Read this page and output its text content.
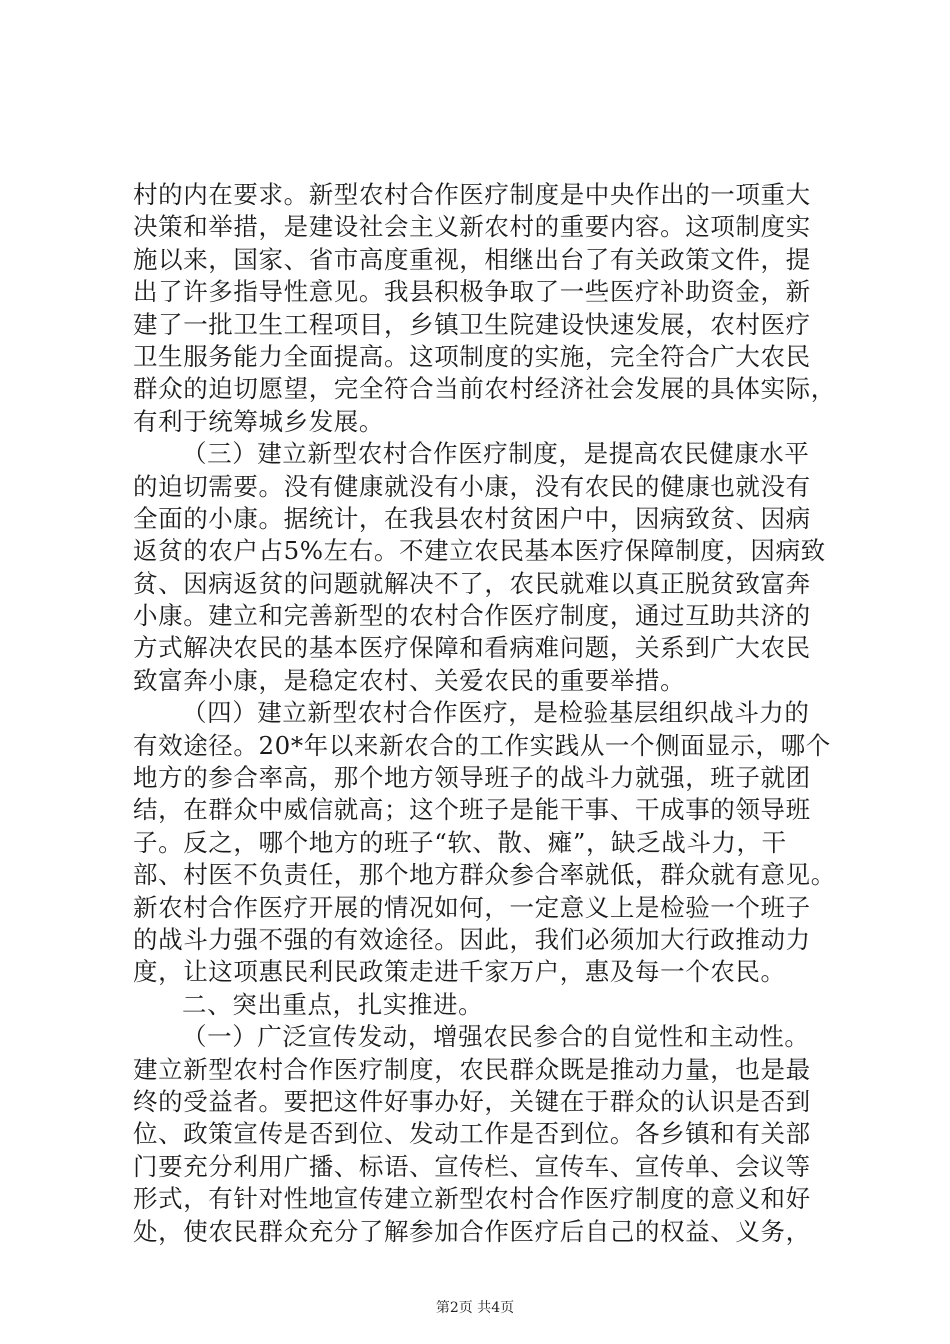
村的内在要求。新型农村合作医疗制度是中央作出的一项重大
决策和举措，是建设社会主义新农村的重要内容。这项制度实
施以来，国家、省市高度重视，相继出台了有关政策文件，提
出了许多指导性意见。我县积极争取了一些医疗补助资金，新
建了一批卫生工程项目，乡镇卫生院建设快速发展，农村医疗
卫生服务能力全面提高。这项制度的实施，完全符合广大农民
群众的迫切愿望，完全符合当前农村经济社会发展的具体实际，
有利于统筹城乡发展。
（三）建立新型农村合作医疗制度，是提高农民健康水平
的迫切需要。没有健康就没有小康，没有农民的健康也就没有
全面的小康。据统计，在我县农村贫困户中，因病致贫、因病
返贫的农户占5%左右。不建立农民基本医疗保障制度，因病致
贫、因病返贫的问题就解决不了，农民就难以真正脱贫致富奔
小康。建立和完善新型的农村合作医疗制度，通过互助共济的
方式解决农民的基本医疗保障和看病难问题，关系到广大农民
致富奔小康，是稳定农村、关爱农民的重要举措。
（四）建立新型农村合作医疗，是检验基层组织战斗力的
有效途径。20*年以来新农合的工作实践从一个侧面显示，哪个
地方的参合率高，那个地方领导班子的战斗力就强，班子就团
结，在群众中威信就高；这个班子是能干事、干成事的领导班
子。反之，哪个地方的班子“软、散、瘫”，缺乏战斗力，干
部、村医不负责任，那个地方群众参合率就低，群众就有意见。
新农村合作医疗开展的情况如何，一定意义上是检验一个班子
的战斗力强不强的有效途径。因此，我们必须加大行政推动力
度，让这项惠民利民政策走进千家万户，惠及每一个农民。
二、突出重点，扎实推进。
（一）广泛宣传发动，增强农民参合的自觉性和主动性。
建立新型农村合作医疗制度，农民群众既是推动力量，也是最
终的受益者。要把这件好事办好，关键在于群众的认识是否到
位、政策宣传是否到位、发动工作是否到位。各乡镇和有关部
门要充分利用广播、标语、宣传栏、宣传车、宣传单、会议等
形式，有针对性地宣传建立新型农村合作医疗制度的意义和好
处，使农民群众充分了解参加合作医疗后自己的权益、义务，
第2页 共4页
